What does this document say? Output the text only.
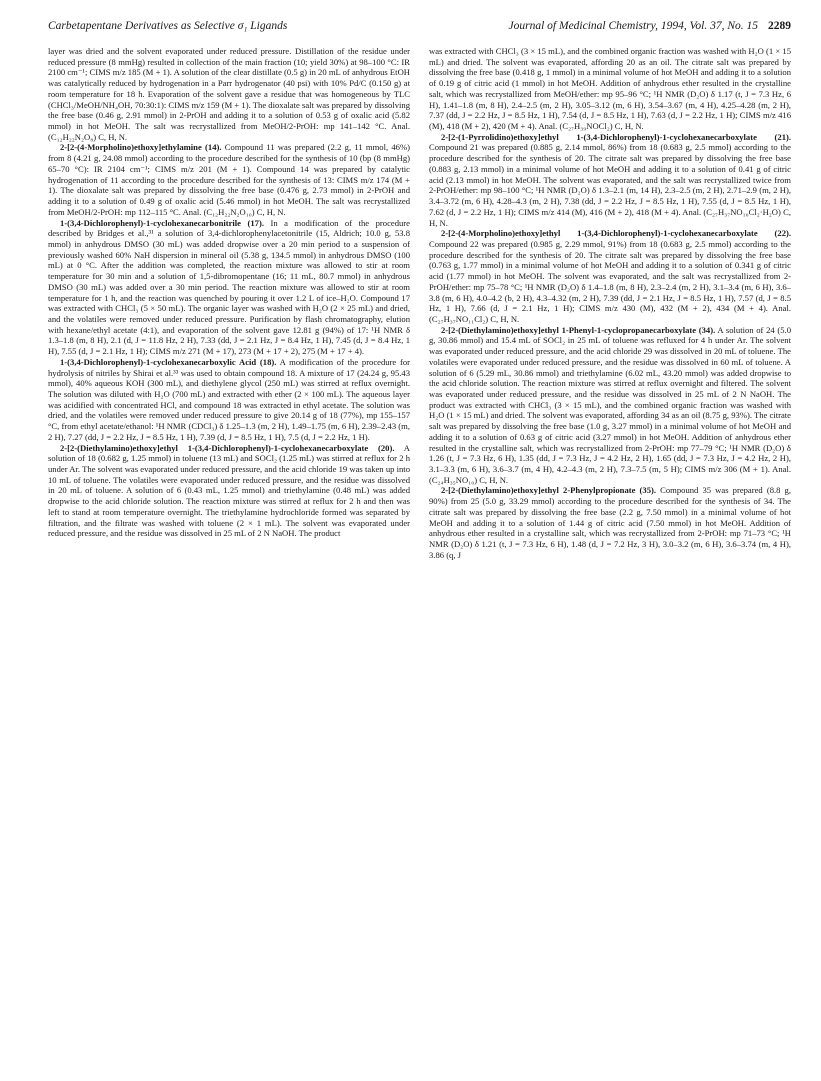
Carbetapentane Derivatives as Selective σ₁ Ligands	Journal of Medicinal Chemistry, 1994, Vol. 37, No. 15 2289

layer was dried and the solvent evaporated under reduced pressure. Distillation of the residue under reduced pressure (8 mmHg) resulted in collection of the main fraction (10; yield 30%) at 98–100 °C: IR 2100 cm⁻¹; CIMS m/z 185 (M + 1). A solution of the clear distillate (0.5 g) in 20 mL of anhydrous EtOH was catalytically reduced by hydrogenation in a Parr hydrogenator (40 psi) with 10% Pd/C (0.150 g) at room temperature for 18 h. Evaporation of the solvent gave a residue that was homogeneous by TLC (CHCl₃/MeOH/NH₄OH, 70:30:1): CIMS m/z 159 (M + 1). The dioxalate salt was prepared by dissolving the free base (0.46 g, 2.91 mmol) in 2-PrOH and adding it to a solution of 0.53 g of oxalic acid (5.82 mmol) in hot MeOH. The salt was recrystallized from MeOH/2-PrOH: mp 141–142 °C. Anal. (C₁₂H₂₂N₂O₈) C, H, N.

2-[2-(4-Morpholino)ethoxy]ethylamine (14). Compound 11 was prepared (2.2 g, 11 mmol, 46%) from 8 (4.21 g, 24.08 mmol) according to the procedure described for the synthesis of 10 (bp (8 mmHg) 65–70 °C): IR 2104 cm⁻¹; CIMS m/z 201 (M + 1). Compound 14 was prepared by catalytic hydrogenation of 11 according to the procedure described for the synthesis of 13: CIMS m/z 174 (M + 1). The dioxalate salt was prepared by dissolving the free base (0.476 g, 2.73 mmol) in 2-PrOH and adding it to a solution of 0.49 g of oxalic acid (5.46 mmol) in hot MeOH. The salt was recrystallized from MeOH/2-PrOH: mp 112–115 °C. Anal. (C₁₂H₂₂N₂O₁₀) C, H, N.

1-(3,4-Dichlorophenyl)-1-cyclohexanecarbonitrile (17). In a modification of the procedure described by Bridges et al.,³¹ a solution of 3,4-dichlorophenylacetonitrile (15, Aldrich; 10.0 g, 53.8 mmol) in anhydrous DMSO (30 mL) was added dropwise over a 20 min period to a suspension of previously washed 60% NaH dispersion in mineral oil (5.38 g, 134.5 mmol) in anhydrous DMSO (100 mL) at 0 °C. After the addition was completed, the reaction mixture was allowed to stir at room temperature for 30 min and a solution of 1,5-dibromopentane (16; 11 mL, 80.7 mmol) in anhydrous DMSO (30 mL) was added over a 30 min period. The reaction mixture was allowed to stir at room temperature for 1 h, and the reaction was quenched by pouring it over 1.2 L of ice–H₂O. Compound 17 was extracted with CHCl₃ (5 × 50 mL). The organic layer was washed with H₂O (2 × 25 mL) and dried, and the volatiles were removed under reduced pressure. Purification by flash chromatography, elution with hexane/ethyl acetate (4:1), and evaporation of the solvent gave 12.81 g (94%) of 17: ¹H NMR δ 1.3–1.8 (m, 8 H), 2.1 (d, J = 11.8 Hz, 2 H), 7.33 (dd, J = 2.1 Hz, J = 8.4 Hz, 1 H), 7.45 (d, J = 8.4 Hz, 1 H), 7.55 (d, J = 2.1 Hz, 1 H); CIMS m/z 271 (M + 17), 273 (M + 17 + 2), 275 (M + 17 + 4).

1-(3,4-Dichlorophenyl)-1-cyclohexanecarboxylic Acid (18). A modification of the procedure for hydrolysis of nitriles by Shirai et al.³³ was used to obtain compound 18. A mixture of 17 (24.24 g, 95.43 mmol), 40% aqueous KOH (300 mL), and diethylene glycol (250 mL) was stirred at reflux overnight. The solution was diluted with H₂O (700 mL) and extracted with ether (2 × 100 mL). The aqueous layer was acidified with concentrated HCl, and compound 18 was extracted in ethyl acetate. The solution was dried, and the volatiles were removed under reduced pressure to give 20.14 g of 18 (77%), mp 155–157 °C, from ethyl acetate/ethanol: ¹H NMR (CDCl₃) δ 1.25–1.3 (m, 2 H), 1.49–1.75 (m, 6 H), 2.39–2.43 (m, 2 H), 7.27 (dd, J = 2.2 Hz, J = 8.5 Hz, 1 H), 7.39 (d, J = 8.5 Hz, 1 H), 7.5 (d, J = 2.2 Hz, 1 H).

2-[2-(Diethylamino)ethoxy]ethyl 1-(3,4-Dichlorophenyl)-1-cyclohexanecarboxylate (20). A solution of 18 (0.682 g, 1.25 mmol) in toluene (13 mL) and SOCl₂ (1.25 mL) was stirred at reflux for 2 h under Ar. The solvent was evaporated under reduced pressure, and the acid chloride 19 was taken up into 10 mL of toluene. The volatiles were evaporated under reduced pressure, and the residue was dissolved in 20 mL of toluene. A solution of 6 (0.43 mL, 1.25 mmol) and triethylamine (0.48 mL) was added dropwise to the acid chloride solution. The reaction mixture was stirred at reflux for 2 h and then was left to stand at room temperature overnight. The triethylamine hydrochloride formed was separated by filtration, and the filtrate was washed with toluene (2 × 1 mL). The solvent was evaporated under reduced pressure, and the residue was dissolved in 25 mL of 2 N NaOH. The product

was extracted with CHCl₃ (3 × 15 mL), and the combined organic fraction was washed with H₂O (1 × 15 mL) and dried. The solvent was evaporated, affording 20 as an oil. The citrate salt was prepared by dissolving the free base (0.418 g, 1 mmol) in a minimal volume of hot MeOH and adding it to a solution of 0.19 g of citric acid (1 mmol) in hot MeOH. Addition of anhydrous ether resulted in the crystalline salt, which was recrystallized from MeOH/ether: mp 95–96 °C; ¹H NMR (D₂O) δ 1.17 (t, J = 7.3 Hz, 6 H), 1.41–1.8 (m, 8 H), 2.4–2.5 (m, 2 H), 3.05–3.12 (m, 6 H), 3.54–3.67 (m, 4 H), 4.25–4.28 (m, 2 H), 7.37 (dd, J = 2.2 Hz, J = 8.5 Hz, 1 H), 7.54 (d, J = 8.5 Hz, 1 H), 7.63 (d, J = 2.2 Hz, 1 H); CIMS m/z 416 (M), 418 (M + 2), 420 (M + 4). Anal. (C₂₇H₃₉NOCl₂) C, H, N.

2-[2-(1-Pyrrolidino)ethoxy]ethyl 1-(3,4-Dichlorophenyl)-1-cyclohexanecarboxylate (21). Compound 21 was prepared (0.885 g, 2.14 mmol, 86%) from 18 (0.683 g, 2.5 mmol) according to the procedure described for the synthesis of 20. The citrate salt was prepared by dissolving the free base (0.883 g, 2.13 mmol) in a minimal volume of hot MeOH and adding it to a solution of 0.41 g of citric acid (2.13 mmol) in hot MeOH. The solvent was evaporated, and the salt was recrystallized twice from 2-PrOH/ether: mp 98–100 °C; ¹H NMR (D₂O) δ 1.3–2.1 (m, 14 H), 2.3–2.5 (m, 2 H), 2.71–2.9 (m, 2 H), 3.4–3.72 (m, 6 H), 4.28–4.3 (m, 2 H), 7.38 (dd, J = 2.2 Hz, J = 8.5 Hz, 1 H), 7.55 (d, J = 8.5 Hz, 1 H), 7.62 (d, J = 2.2 Hz, 1 H); CIMS m/z 414 (M), 416 (M + 2), 418 (M + 4). Anal. (C₂₇H₃₇NO₁₀Cl₂·H₂O) C, H, N.

2-[2-(4-Morpholino)ethoxy]ethyl 1-(3,4-Dichlorophenyl)-1-cyclohexanecarboxylate (22). Compound 22 was prepared (0.985 g, 2.29 mmol, 91%) from 18 (0.683 g, 2.5 mmol) according to the procedure described for the synthesis of 20. The citrate salt was prepared by dissolving the free base (0.763 g, 1.77 mmol) in a minimal volume of hot MeOH and adding it to a solution of 0.341 g of citric acid (1.77 mmol) in hot MeOH. The solvent was evaporated, and the salt was recrystallized from 2-PrOH/ether: mp 75–78 °C; ¹H NMR (D₂O) δ 1.4–1.8 (m, 8 H), 2.3–2.4 (m, 2 H), 3.1–3.4 (m, 6 H), 3.6–3.8 (m, 6 H), 4.0–4.2 (b, 2 H), 4.3–4.32 (m, 2 H), 7.39 (dd, J = 2.1 Hz, J = 8.5 Hz, 1 H), 7.57 (d, J = 8.5 Hz, 1 H), 7.66 (d, J = 2.1 Hz, 1 H); CIMS m/z 430 (M), 432 (M + 2), 434 (M + 4). Anal. (C₂₇H₃₇NO₁₁Cl₂) C, H, N.

2-[2-(Diethylamino)ethoxy]ethyl 1-Phenyl-1-cyclopropanecarboxylate (34). A solution of 24 (5.0 g, 30.86 mmol) and 15.4 mL of SOCl₂ in 25 mL of toluene was refluxed for 4 h under Ar. The solvent was evaporated under reduced pressure, and the acid chloride 29 was dissolved in 20 mL of toluene. The volatiles were evaporated under reduced pressure, and the residue was dissolved in 60 mL of toluene. A solution of 6 (5.29 mL, 30.86 mmol) and triethylamine (6.02 mL, 43.20 mmol) was added dropwise to the acid chloride solution. The reaction mixture was stirred at reflux overnight and filtered. The solvent was evaporated under reduced pressure, and the residue was dissolved in 25 mL of 2 N NaOH. The product was extracted with CHCl₃ (3 × 15 mL), and the combined organic fraction was washed with H₂O (1 × 15 mL) and dried. The solvent was evaporated, affording 34 as an oil (8.75 g, 93%). The citrate salt was prepared by dissolving the free base (1.0 g, 3.27 mmol) in a minimal volume of hot MeOH and adding it to a solution of 0.63 g of citric acid (3.27 mmol) in hot MeOH. Addition of anhydrous ether resulted in the crystalline salt, which was recrystallized from 2-PrOH: mp 77–79 °C; ¹H NMR (D₂O) δ 1.26 (t, J = 7.3 Hz, 6 H), 1.35 (dd, J = 7.3 Hz, J = 4.2 Hz, 2 H), 1.65 (dd, J = 7.3 Hz, J = 4.2 Hz, 2 H), 3.1–3.3 (m, 6 H), 3.6–3.7 (m, 4 H), 4.2–4.3 (m, 2 H), 7.3–7.5 (m, 5 H); CIMS m/z 306 (M + 1). Anal. (C₂₄H₃₅NO₁₀) C, H, N.

2-[2-(Diethylamino)ethoxy]ethyl 2-Phenylpropionate (35). Compound 35 was prepared (8.8 g, 90%) from 25 (5.0 g, 33.29 mmol) according to the procedure described for the synthesis of 34. The citrate salt was prepared by dissolving the free base (2.2 g, 7.50 mmol) in a minimal volume of hot MeOH and adding it to a solution of 1.44 g of citric acid (7.50 mmol) in hot MeOH. Addition of anhydrous ether resulted in a crystalline salt, which was recrystallized from 2-PrOH: mp 71–73 °C; ¹H NMR (D₂O) δ 1.21 (t, J = 7.3 Hz, 6 H), 1.48 (d, J = 7.2 Hz, 3 H), 3.0–3.2 (m, 6 H), 3.6–3.74 (m, 4 H), 3.86 (q, J
